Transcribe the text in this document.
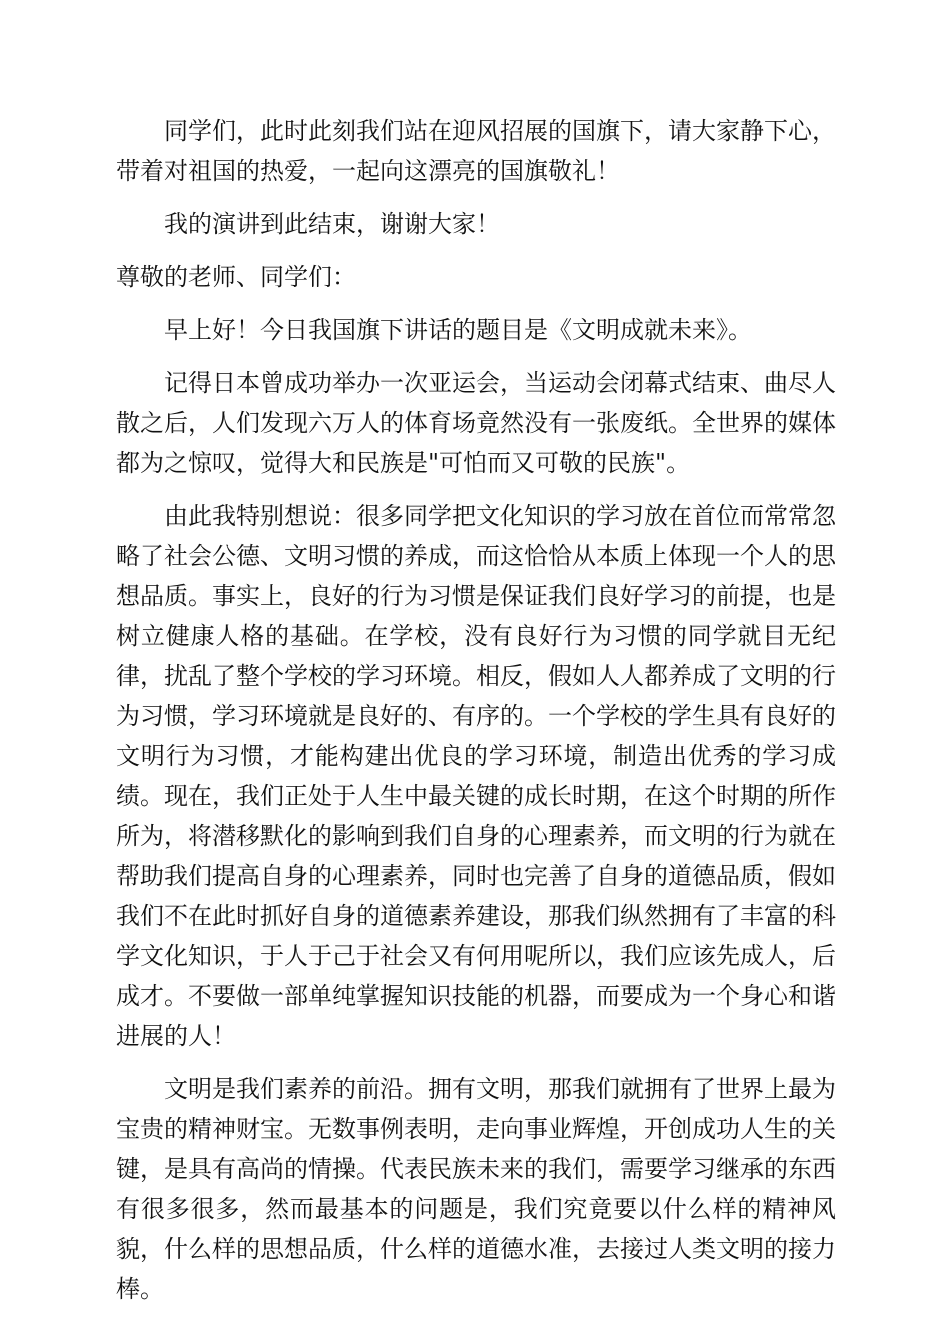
同学们，此时此刻我们站在迎风招展的国旗下，请大家静下心，带着对祖国的热爱，一起向这漂亮的国旗敬礼！

我的演讲到此结束，谢谢大家！

尊敬的老师、同学们：

早上好！今日我国旗下讲话的题目是《文明成就未来》。

记得日本曾成功举办一次亚运会，当运动会闭幕式结束、曲尽人散之后，人们发现六万人的体育场竟然没有一张废纸。全世界的媒体都为之惊叹，觉得大和民族是"可怕而又可敬的民族"。

由此我特别想说：很多同学把文化知识的学习放在首位而常常忽略了社会公德、文明习惯的养成，而这恰恰从本质上体现一个人的思想品质。事实上，良好的行为习惯是保证我们良好学习的前提，也是树立健康人格的基础。在学校，没有良好行为习惯的同学就目无纪律，扰乱了整个学校的学习环境。相反，假如人人都养成了文明的行为习惯，学习环境就是良好的、有序的。一个学校的学生具有良好的文明行为习惯，才能构建出优良的学习环境，制造出优秀的学习成绩。现在，我们正处于人生中最关键的成长时期，在这个时期的所作所为，将潜移默化的影响到我们自身的心理素养，而文明的行为就在帮助我们提高自身的心理素养，同时也完善了自身的道德品质，假如我们不在此时抓好自身的道德素养建设，那我们纵然拥有了丰富的科学文化知识，于人于己于社会又有何用呢所以，我们应该先成人，后成才。不要做一部单纯掌握知识技能的机器，而要成为一个身心和谐进展的人！

文明是我们素养的前沿。拥有文明，那我们就拥有了世界上最为宝贵的精神财宝。无数事例表明，走向事业辉煌，开创成功人生的关键，是具有高尚的情操。代表民族未来的我们，需要学习继承的东西有很多很多，然而最基本的问题是，我们究竟要以什么样的精神风貌，什么样的思想品质，什么样的道德水准，去接过人类文明的接力棒。
